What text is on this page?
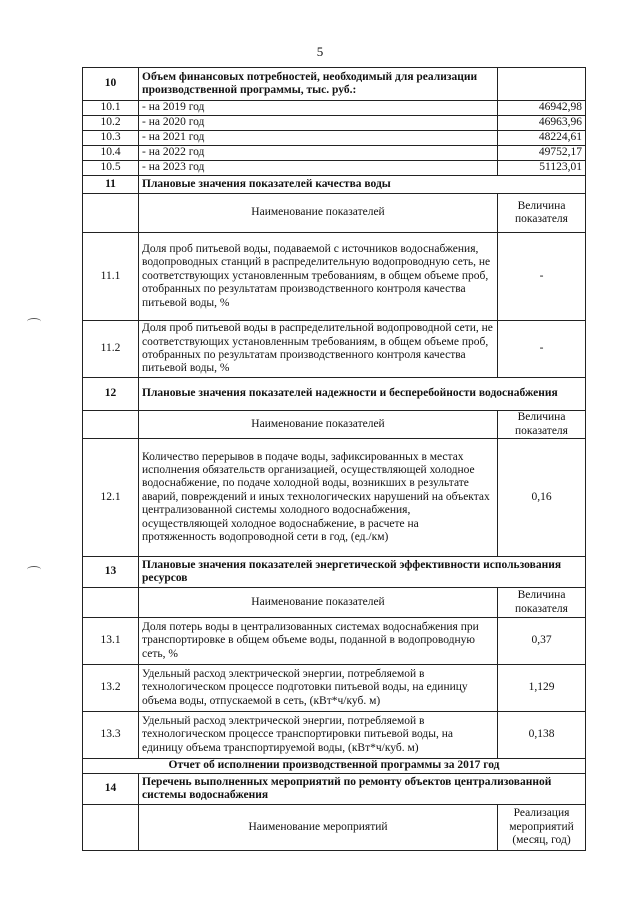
5
10	Объем финансовых потребностей, необходимый для реализации производственной программы, тыс. руб.:	
10.1	- на 2019 год	46942,98
10.2	- на 2020 год	46963,96
10.3	- на 2021 год	48224,61
10.4	- на 2022 год	49752,17
10.5	- на 2023 год	51123,01
11	Плановые значения показателей качества воды	
	Наименование показателей	Величина показателя
11.1	Доля проб питьевой воды, подаваемой с источников водоснабжения, водопроводных станций в распределительную водопроводную сеть, не соответствующих установленным требованиям, в общем объеме проб, отобранных по результатам производственного контроля качества питьевой воды, %	-
11.2	Доля проб питьевой воды в распределительной водопроводной сети, не соответствующих установленным требованиям, в общем объеме проб, отобранных по результатам производственного контроля качества питьевой воды, %	-
12	Плановые значения показателей надежности и бесперебойности водоснабжения	
	Наименование показателей	Величина показателя
12.1	Количество перерывов в подаче воды, зафиксированных в местах исполнения обязательств организацией, осуществляющей холодное водоснабжение, по подаче холодной воды, возникших в результате аварий, повреждений и иных технологических нарушений на объектах централизованной системы холодного водоснабжения, осуществляющей холодное водоснабжение, в расчете на протяженность водопроводной сети в год, (ед./км)	0,16
13	Плановые значения показателей энергетической эффективности использования ресурсов	
	Наименование показателей	Величина показателя
13.1	Доля потерь воды в централизованных системах водоснабжения при транспортировке в общем объеме воды, поданной в водопроводную сеть, %	0,37
13.2	Удельный расход электрической энергии, потребляемой в технологическом процессе подготовки питьевой воды, на единицу объема воды, отпускаемой в сеть, (кВт*ч/куб. м)	1,129
13.3	Удельный расход электрической энергии, потребляемой в технологическом процессе транспортировки питьевой воды, на единицу объема транспортируемой воды, (кВт*ч/куб. м)	0,138
Отчет об исполнении производственной программы за 2017 год		
14	Перечень выполненных мероприятий по ремонту объектов централизованной системы водоснабжения	
	Наименование мероприятий	Реализация мероприятий (месяц, год)
